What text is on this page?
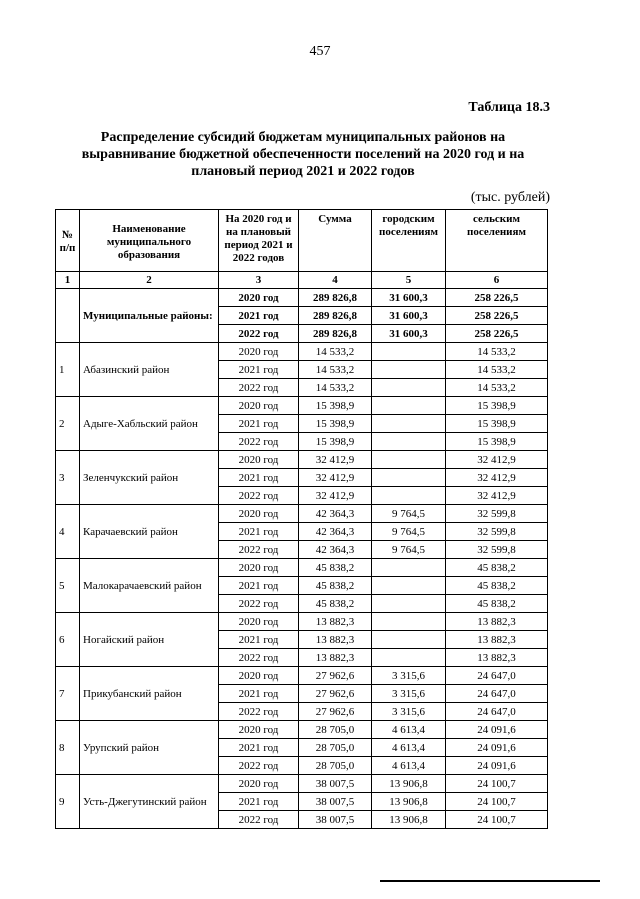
457
Таблица 18.3
Распределение субсидий бюджетам муниципальных районов на выравнивание бюджетной обеспеченности поселений на 2020 год и на плановый период 2021 и 2022 годов
(тыс. рублей)
№ п/п	Наименование муниципального образования	На 2020 год и на плановый период 2021 и 2022 годов	Сумма	городским поселениям	сельским поселениям
1	2	3	4	5	6
	Муниципальные районы:	2020 год	289 826,8	31 600,3	258 226,5
		2021 год	289 826,8	31 600,3	258 226,5
		2022 год	289 826,8	31 600,3	258 226,5
1	Абазинский район	2020 год	14 533,2		14 533,2
		2021 год	14 533,2		14 533,2
		2022 год	14 533,2		14 533,2
2	Адыге-Хабльский район	2020 год	15 398,9		15 398,9
		2021 год	15 398,9		15 398,9
		2022 год	15 398,9		15 398,9
3	Зеленчукский район	2020 год	32 412,9		32 412,9
		2021 год	32 412,9		32 412,9
		2022 год	32 412,9		32 412,9
4	Карачаевский район	2020 год	42 364,3	9 764,5	32 599,8
		2021 год	42 364,3	9 764,5	32 599,8
		2022 год	42 364,3	9 764,5	32 599,8
5	Малокарачаевский район	2020 год	45 838,2		45 838,2
		2021 год	45 838,2		45 838,2
		2022 год	45 838,2		45 838,2
6	Ногайский район	2020 год	13 882,3		13 882,3
		2021 год	13 882,3		13 882,3
		2022 год	13 882,3		13 882,3
7	Прикубанский район	2020 год	27 962,6	3 315,6	24 647,0
		2021 год	27 962,6	3 315,6	24 647,0
		2022 год	27 962,6	3 315,6	24 647,0
8	Урупский район	2020 год	28 705,0	4 613,4	24 091,6
		2021 год	28 705,0	4 613,4	24 091,6
		2022 год	28 705,0	4 613,4	24 091,6
9	Усть-Джегутинский район	2020 год	38 007,5	13 906,8	24 100,7
		2021 год	38 007,5	13 906,8	24 100,7
		2022 год	38 007,5	13 906,8	24 100,7
